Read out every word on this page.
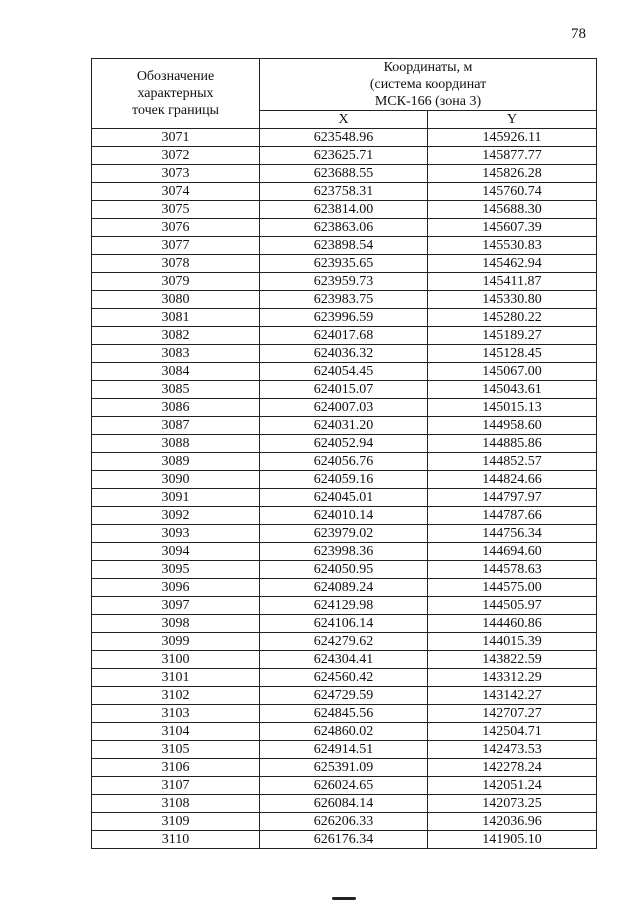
78
Обозначение
характерных
точек границы	Координаты, м
(система координат
МСК-166 (зона 3)	
	X	Y
3071	623548.96	145926.11
3072	623625.71	145877.77
3073	623688.55	145826.28
3074	623758.31	145760.74
3075	623814.00	145688.30
3076	623863.06	145607.39
3077	623898.54	145530.83
3078	623935.65	145462.94
3079	623959.73	145411.87
3080	623983.75	145330.80
3081	623996.59	145280.22
3082	624017.68	145189.27
3083	624036.32	145128.45
3084	624054.45	145067.00
3085	624015.07	145043.61
3086	624007.03	145015.13
3087	624031.20	144958.60
3088	624052.94	144885.86
3089	624056.76	144852.57
3090	624059.16	144824.66
3091	624045.01	144797.97
3092	624010.14	144787.66
3093	623979.02	144756.34
3094	623998.36	144694.60
3095	624050.95	144578.63
3096	624089.24	144575.00
3097	624129.98	144505.97
3098	624106.14	144460.86
3099	624279.62	144015.39
3100	624304.41	143822.59
3101	624560.42	143312.29
3102	624729.59	143142.27
3103	624845.56	142707.27
3104	624860.02	142504.71
3105	624914.51	142473.53
3106	625391.09	142278.24
3107	626024.65	142051.24
3108	626084.14	142073.25
3109	626206.33	142036.96
3110	626176.34	141905.10
